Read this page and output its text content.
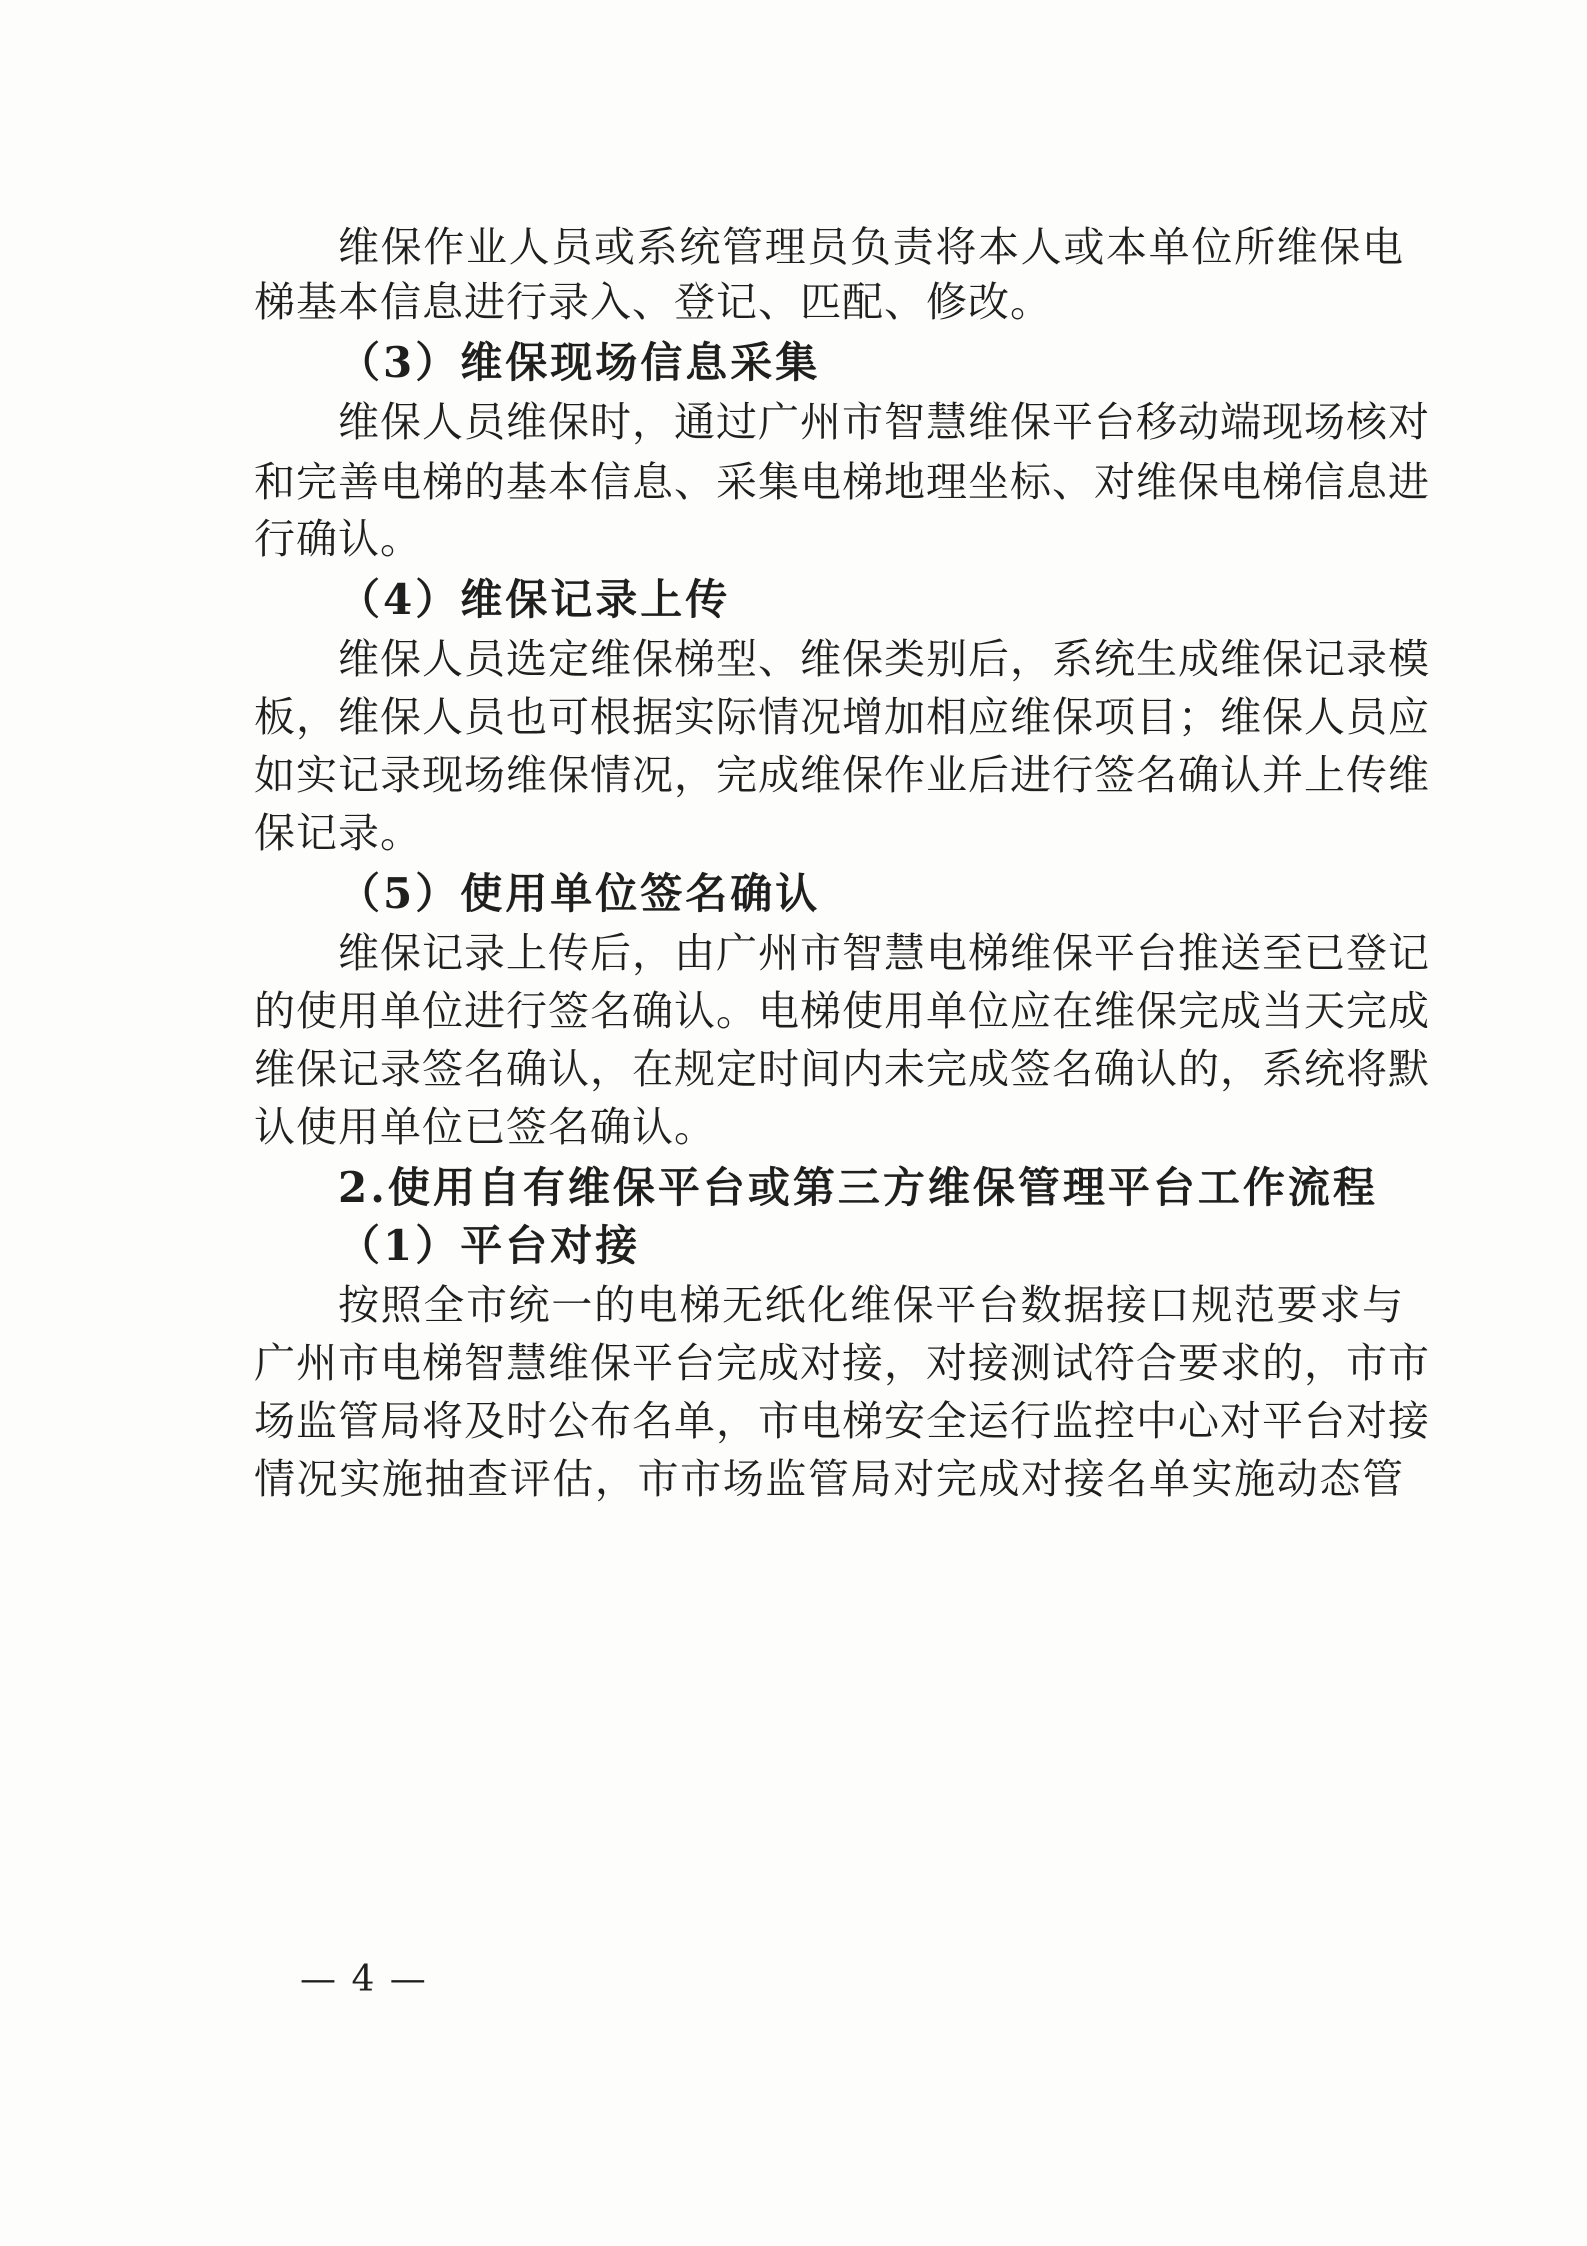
维保作业人员或系统管理员负责将本人或本单位所维保电
梯基本信息进行录入、登记、匹配、修改。
（3）维保现场信息采集
维保人员维保时，通过广州市智慧维保平台移动端现场核对
和完善电梯的基本信息、采集电梯地理坐标、对维保电梯信息进
行确认。
（4）维保记录上传
维保人员选定维保梯型、维保类别后，系统生成维保记录模
板，维保人员也可根据实际情况增加相应维保项目；维保人员应
如实记录现场维保情况，完成维保作业后进行签名确认并上传维
保记录。
（5）使用单位签名确认
维保记录上传后，由广州市智慧电梯维保平台推送至已登记
的使用单位进行签名确认。电梯使用单位应在维保完成当天完成
维保记录签名确认，在规定时间内未完成签名确认的，系统将默
认使用单位已签名确认。
2.使用自有维保平台或第三方维保管理平台工作流程
（1）平台对接
按照全市统一的电梯无纸化维保平台数据接口规范要求与
广州市电梯智慧维保平台完成对接，对接测试符合要求的，市市
场监管局将及时公布名单，市电梯安全运行监控中心对平台对接
情况实施抽查评估，市市场监管局对完成对接名单实施动态管
— 4 —
